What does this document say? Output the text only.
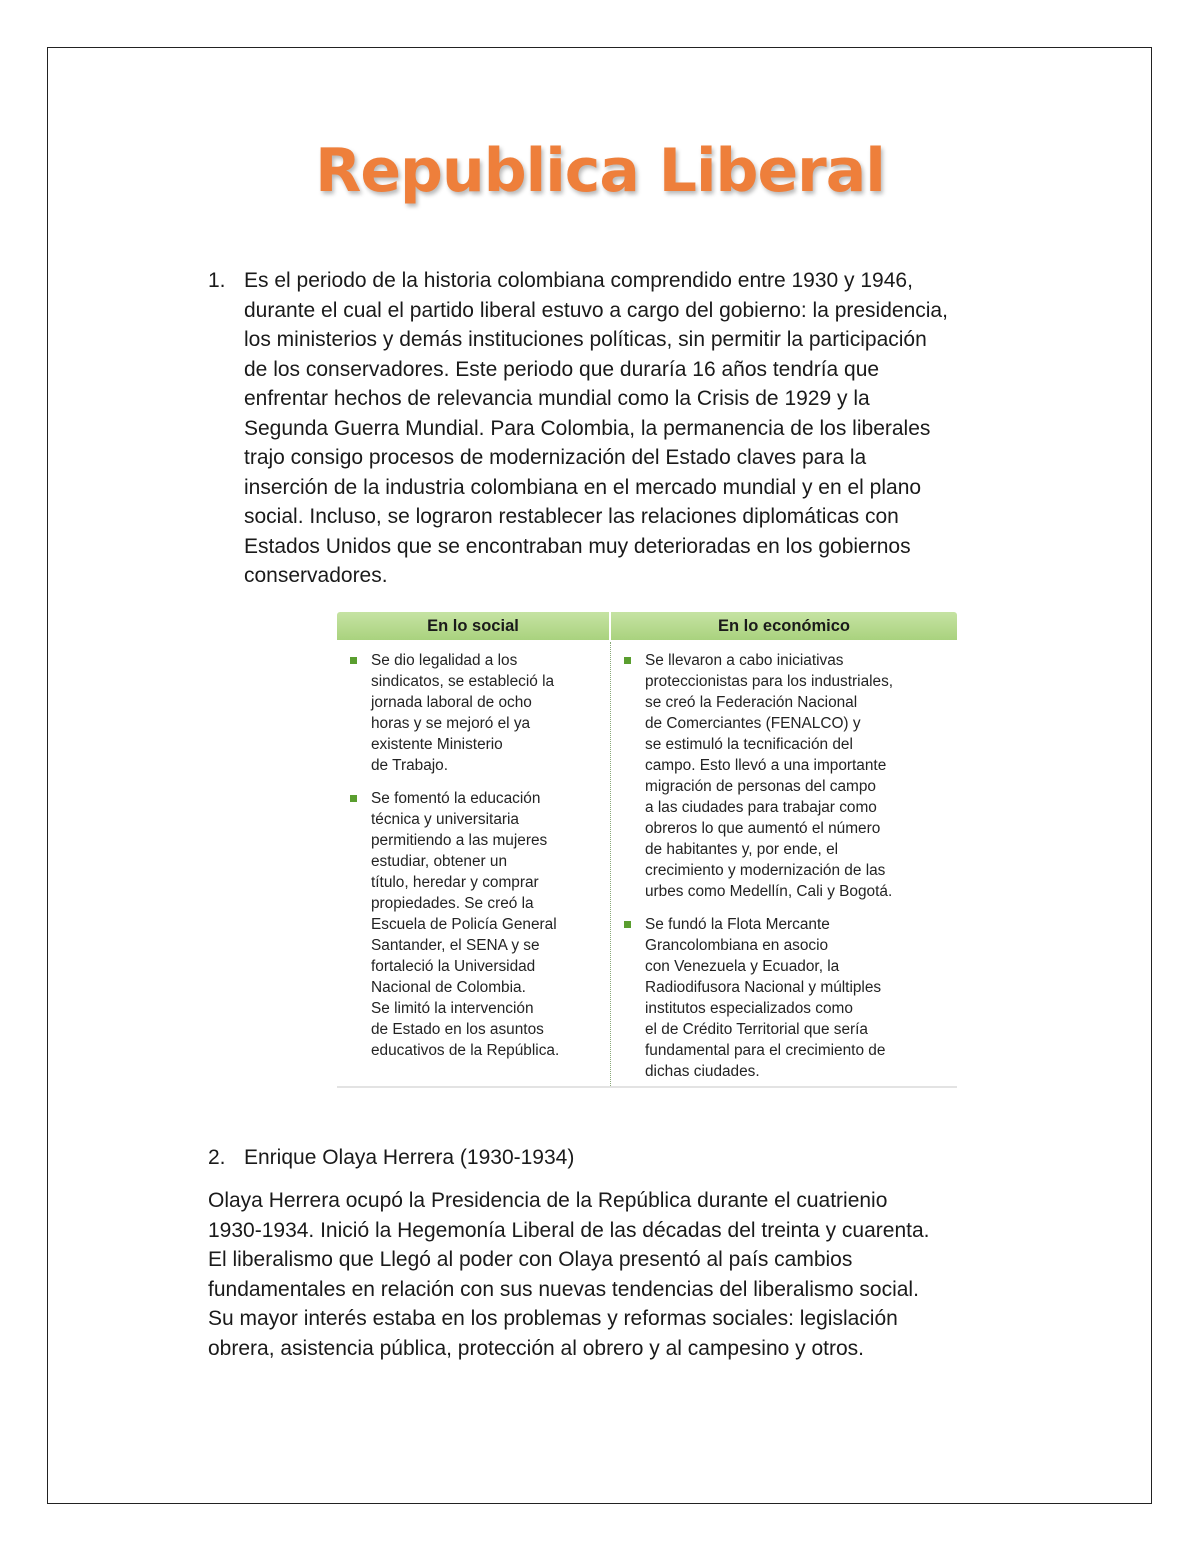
Republica Liberal
1. Es el periodo de la historia colombiana comprendido entre 1930 y 1946,
durante el cual el partido liberal estuvo a cargo del gobierno: la presidencia,
los ministerios y demás instituciones políticas, sin permitir la participación
de los conservadores. Este periodo que duraría 16 años tendría que
enfrentar hechos de relevancia mundial como la Crisis de 1929 y la
Segunda Guerra Mundial. Para Colombia, la permanencia de los liberales
trajo consigo procesos de modernización del Estado claves para la
inserción de la industria colombiana en el mercado mundial y en el plano
social. Incluso, se lograron restablecer las relaciones diplomáticas con
Estados Unidos que se encontraban muy deterioradas en los gobiernos
conservadores.
En lo social	En lo económico
Se dio legalidad a los
sindicatos, se estableció la
jornada laboral de ocho
horas y se mejoró el ya
existente Ministerio
de Trabajo.
Se fomentó la educación
técnica y universitaria
permitiendo a las mujeres
estudiar, obtener un
título, heredar y comprar
propiedades. Se creó la
Escuela de Policía General
Santander, el SENA y se
fortaleció la Universidad
Nacional de Colombia.
Se limitó la intervención
de Estado en los asuntos
educativos de la República.
Se llevaron a cabo iniciativas
proteccionistas para los industriales,
se creó la Federación Nacional
de Comerciantes (FENALCO) y
se estimuló la tecnificación del
campo. Esto llevó a una importante
migración de personas del campo
a las ciudades para trabajar como
obreros lo que aumentó el número
de habitantes y, por ende, el
crecimiento y modernización de las
urbes como Medellín, Cali y Bogotá.
Se fundó la Flota Mercante
Grancolombiana en asocio
con Venezuela y Ecuador, la
Radiodifusora Nacional y múltiples
institutos especializados como
el de Crédito Territorial que sería
fundamental para el crecimiento de
dichas ciudades.
2. Enrique Olaya Herrera (1930-1934)
Olaya Herrera ocupó la Presidencia de la República durante el cuatrienio
1930-1934. Inició la Hegemonía Liberal de las décadas del treinta y cuarenta.
El liberalismo que Llegó al poder con Olaya presentó al país cambios
fundamentales en relación con sus nuevas tendencias del liberalismo social.
Su mayor interés estaba en los problemas y reformas sociales: legislación
obrera, asistencia pública, protección al obrero y al campesino y otros.
